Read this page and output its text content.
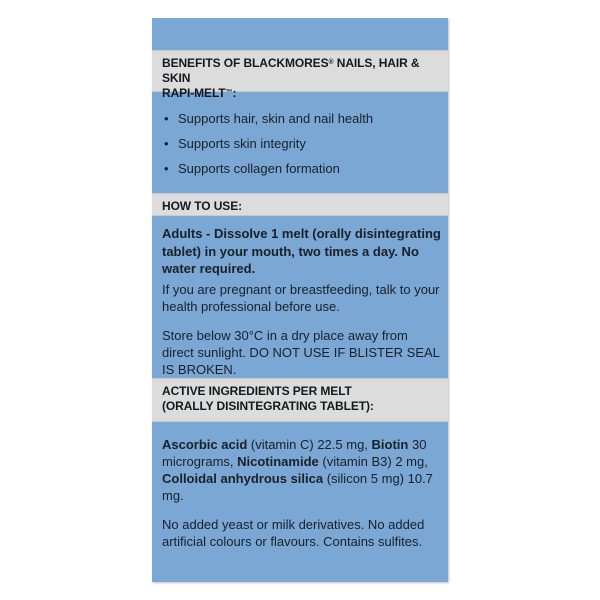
BENEFITS OF BLACKMORES® NAILS, HAIR & SKIN
RAPI-MELT™:
• Supports hair, skin and nail health
• Supports skin integrity
• Supports collagen formation
HOW TO USE:

Adults - Dissolve 1 melt (orally disintegrating tablet) in your mouth, two times a day. No water required.

If you are pregnant or breastfeeding, talk to your health professional before use.

Store below 30°C in a dry place away from direct sunlight. DO NOT USE IF BLISTER SEAL IS BROKEN.

ACTIVE INGREDIENTS PER MELT
(ORALLY DISINTEGRATING TABLET):

Ascorbic acid (vitamin C) 22.5 mg, Biotin 30 micrograms, Nicotinamide (vitamin B3) 2 mg, Colloidal anhydrous silica (silicon 5 mg) 10.7 mg.

No added yeast or milk derivatives. No added artificial colours or flavours. Contains sulfites.
